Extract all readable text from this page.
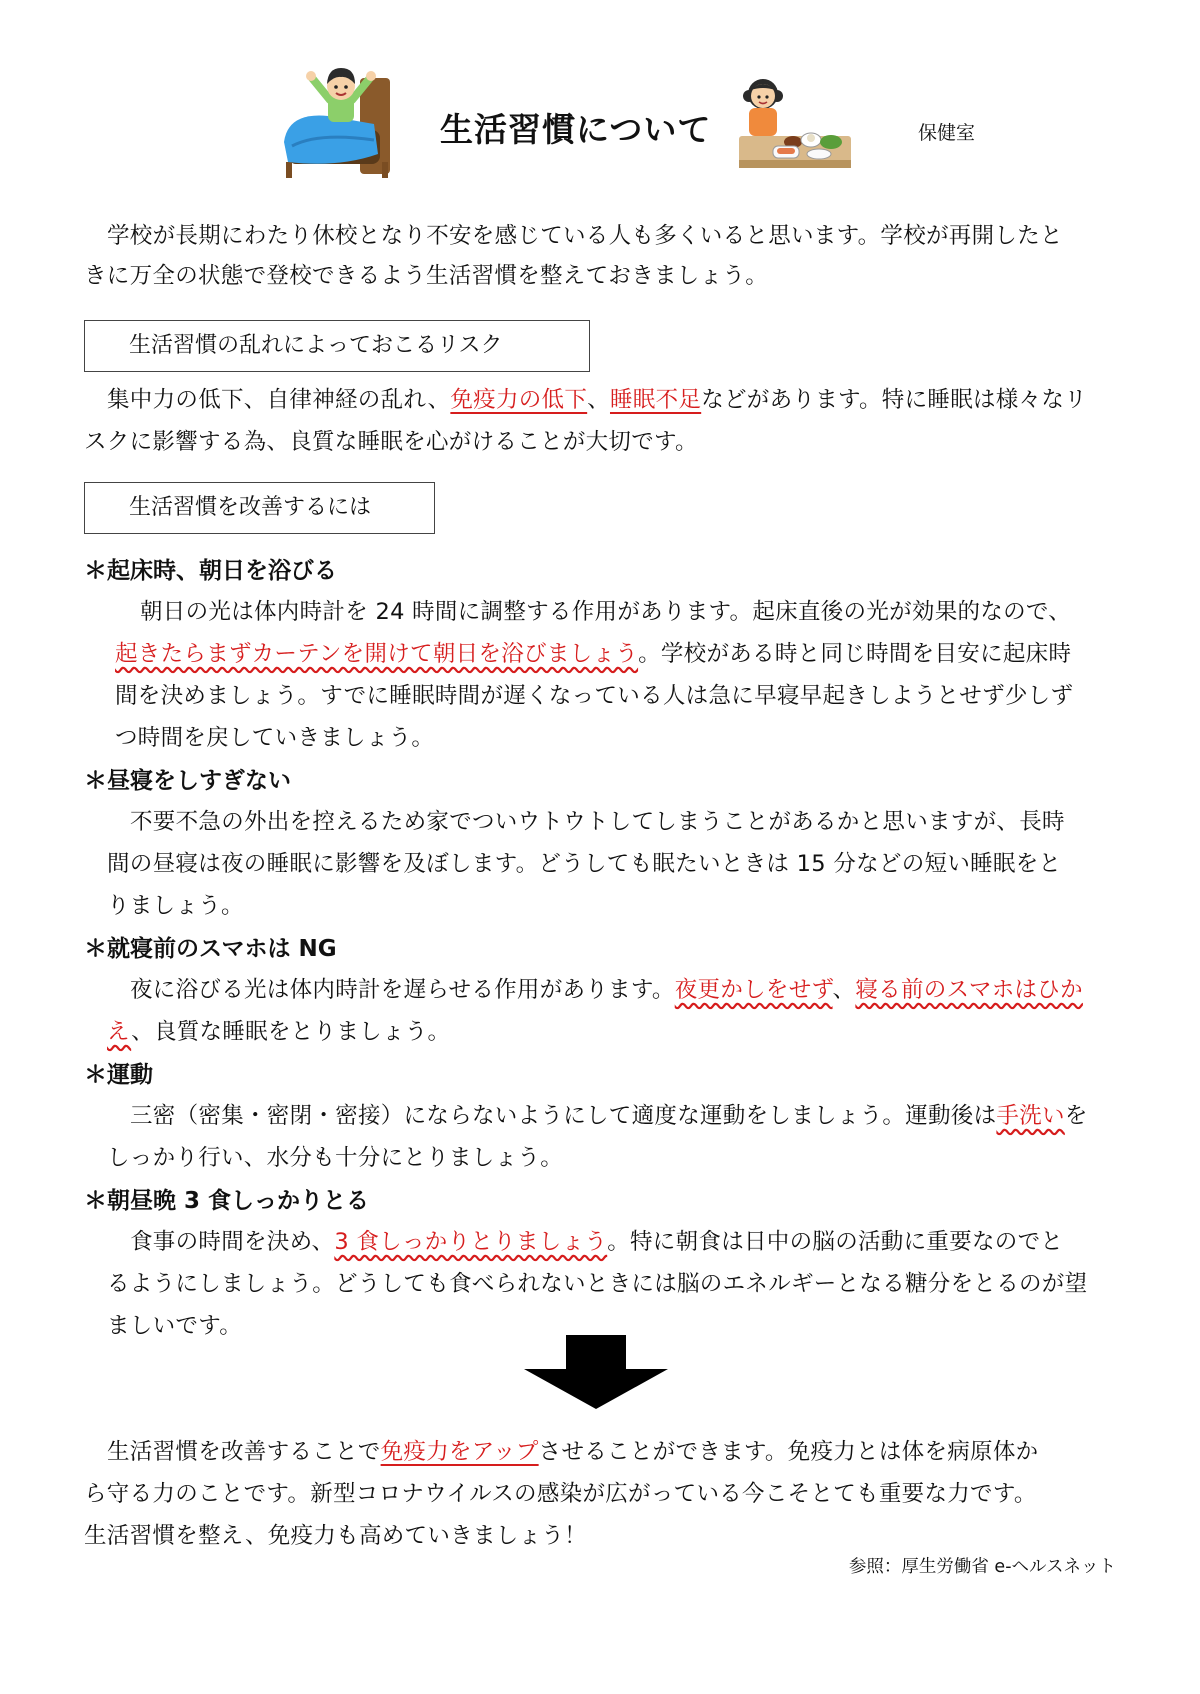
生活習慣について	保健室

学校が長期にわたり休校となり不安を感じている人も多くいると思います。学校が再開したと

きに万全の状態で登校できるよう生活習慣を整えておきましょう。

生活習慣の乱れによっておこるリスク

集中力の低下、自律神経の乱れ、免疫力の低下、睡眠不足などがあります。特に睡眠は様々なリ

スクに影響する為、良質な睡眠を心がけることが大切です。

生活習慣を改善するには

＊起床時、朝日を浴びる

朝日の光は体内時計を 24 時間に調整する作用があります。起床直後の光が効果的なので、

起きたらまずカーテンを開けて朝日を浴びましょう。学校がある時と同じ時間を目安に起床時

間を決めましょう。すでに睡眠時間が遅くなっている人は急に早寝早起きしようとせず少しず

つ時間を戻していきましょう。

＊昼寝をしすぎない

不要不急の外出を控えるため家でついウトウトしてしまうことがあるかと思いますが、長時

間の昼寝は夜の睡眠に影響を及ぼします。どうしても眠たいときは 15 分などの短い睡眠をと

りましょう。

＊就寝前のスマホは NG

夜に浴びる光は体内時計を遅らせる作用があります。夜更かしをせず、寝る前のスマホはひか

え、良質な睡眠をとりましょう。

＊運動

三密（密集・密閉・密接）にならないようにして適度な運動をしましょう。運動後は手洗いを

しっかり行い、水分も十分にとりましょう。

＊朝昼晩 3 食しっかりとる

食事の時間を決め、3 食しっかりとりましょう。特に朝食は日中の脳の活動に重要なのでと

るようにしましょう。どうしても食べられないときには脳のエネルギーとなる糖分をとるのが望

ましいです。

生活習慣を改善することで免疫力をアップさせることができます。免疫力とは体を病原体か

ら守る力のことです。新型コロナウイルスの感染が広がっている今こそとても重要な力です。

生活習慣を整え、免疫力も高めていきましょう！

参照：厚生労働省 e-ヘルスネット
